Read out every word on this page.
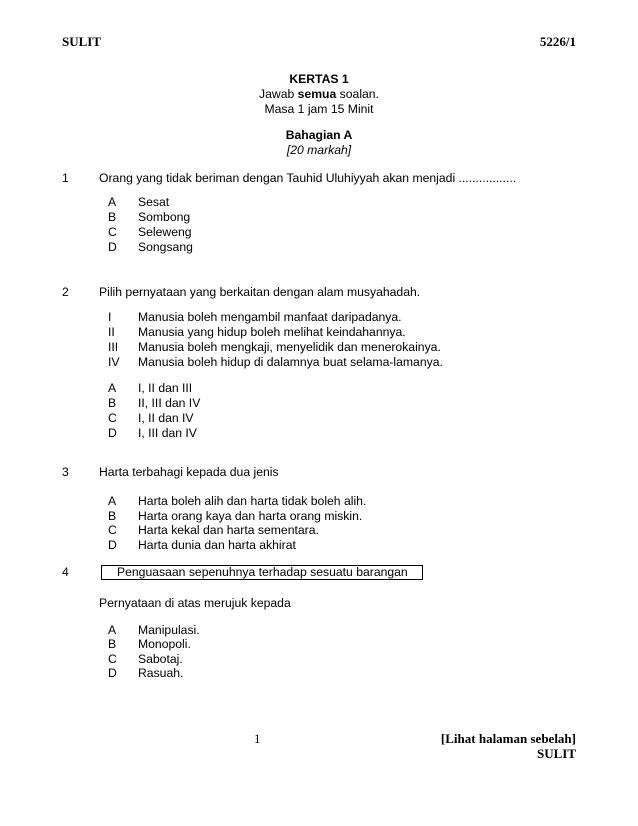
SULIT	5226/1
KERTAS 1
Jawab semua soalan.
Masa 1 jam 15 Minit
Bahagian A
[20 markah]
1 Orang yang tidak beriman dengan Tauhid Uluhiyyah akan menjadi .................
A	Sesat
B	Sombong
C	Seleweng
D	Songsang
2 Pilih pernyataan yang berkaitan dengan alam musyahadah.
I	Manusia boleh mengambil manfaat daripadanya.
II	Manusia yang hidup boleh melihat keindahannya.
III	Manusia boleh mengkaji, menyelidik dan menerokainya.
IV Manusia boleh hidup di dalamnya buat selama-lamanya.
A	I, II dan III
B	II, III dan IV
C	I, II dan IV
D	I, III dan IV
3 Harta terbahagi kepada dua jenis
A	Harta boleh alih dan harta tidak boleh alih.
B	Harta orang kaya dan harta orang miskin.
C	Harta kekal dan harta sementara.
D	Harta dunia dan harta akhirat
4	Penguasaan sepenuhnya terhadap sesuatu barangan
Pernyataan di atas merujuk kepada
A	Manipulasi.
B	Monopoli.
C	Sabotaj.
D	Rasuah.
1	[Lihat halaman sebelah]
SULIT
